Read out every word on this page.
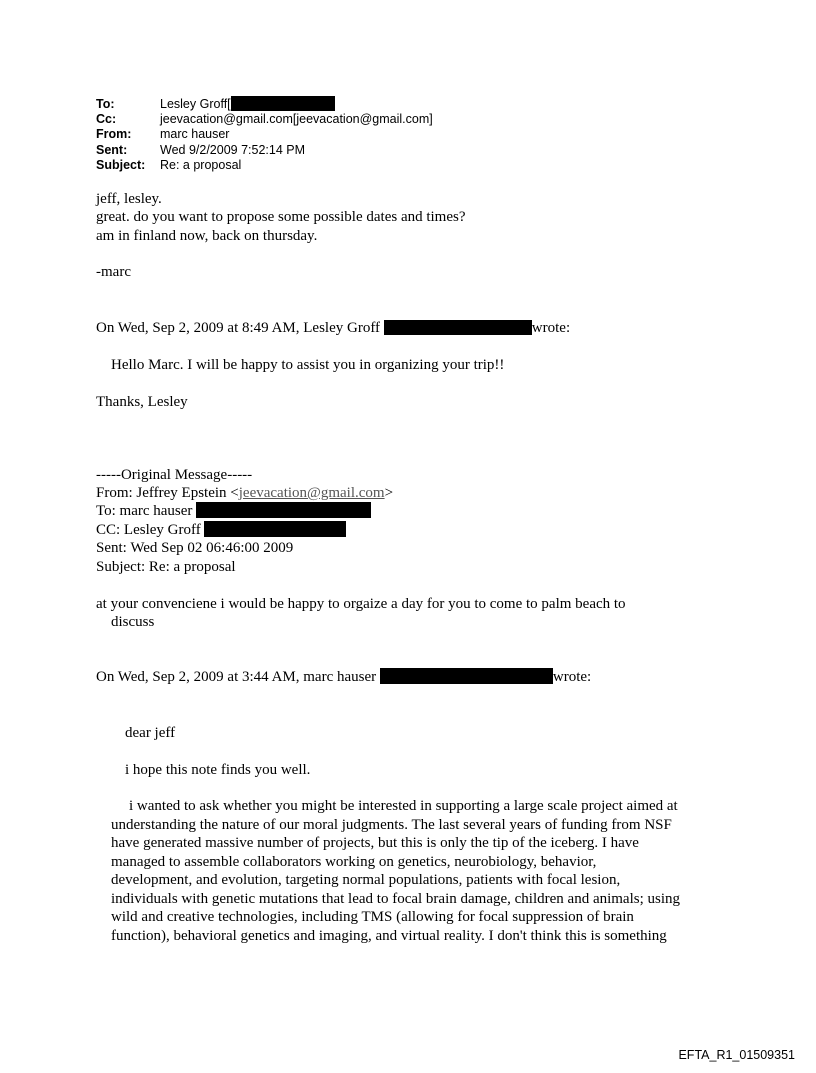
To:	Lesley Groff[
Cc:	jeevacation@gmail.com[jeevacation@gmail.com]
From: marc hauser
Sent:	Wed 9/2/2009 7:52:14 PM
Subject: Re: a proposal
jeff, lesley.
great. do you want to propose some possible dates and times?
am in finland now, back on thursday.
-marc
On Wed, Sep 2, 2009 at 8:49 AM, Lesley Groff	wrote:
Hello Marc. I will be happy to assist you in organizing your trip!!
Thanks, Lesley
-----Original Message-----
From: Jeffrey Epstein <jeevacation@gmail.com>
To: marc hauser
CC: Lesley Groff
Sent: Wed Sep 02 06:46:00 2009
Subject: Re: a proposal
at your convenciene i would be happy to orgaize a day for you to come to palm beach to
discuss
On Wed, Sep 2, 2009 at 3:44 AM, marc hauser	wrote:
dear jeff
i hope this note finds you well.
i wanted to ask whether you might be interested in supporting a large scale project aimed at
understanding the nature of our moral judgments. The last several years of funding from NSF
have generated massive number of projects, but this is only the tip of the iceberg. I have
managed to assemble collaborators working on genetics, neurobiology, behavior,
development, and evolution, targeting normal populations, patients with focal lesion,
individuals with genetic mutations that lead to focal brain damage, children and animals; using
wild and creative technologies, including TMS (allowing for focal suppression of brain
function), behavioral genetics and imaging, and virtual reality. I don't think this is something
EFTA_R1_01509351
